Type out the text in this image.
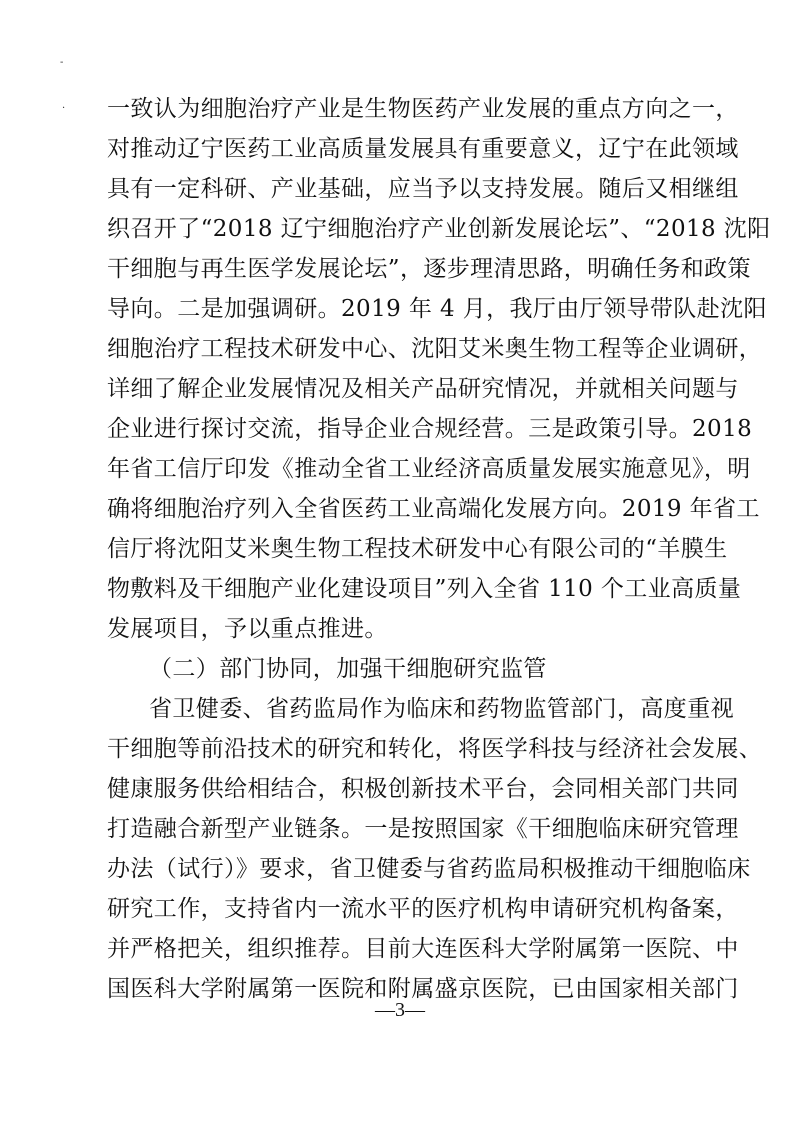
-
· 一致认为细胞治疗产业是生物医药产业发展的重点方向之一，
对推动辽宁医药工业高质量发展具有重要意义，辽宁在此领域
具有一定科研、产业基础，应当予以支持发展。随后又相继组
织召开了“2018 辽宁细胞治疗产业创新发展论坛”、“2018 沈阳
干细胞与再生医学发展论坛”，逐步理清思路，明确任务和政策
导向。二是加强调研。2019 年 4 月，我厅由厅领导带队赴沈阳
细胞治疗工程技术研发中心、沈阳艾米奥生物工程等企业调研，
详细了解企业发展情况及相关产品研究情况，并就相关问题与
企业进行探讨交流，指导企业合规经营。三是政策引导。2018
年省工信厅印发《推动全省工业经济高质量发展实施意见》，明
确将细胞治疗列入全省医药工业高端化发展方向。2019 年省工
信厅将沈阳艾米奥生物工程技术研发中心有限公司的“羊膜生
物敷料及干细胞产业化建设项目”列入全省 110 个工业高质量
发展项目，予以重点推进。
（二）部门协同，加强干细胞研究监管
省卫健委、省药监局作为临床和药物监管部门，高度重视
干细胞等前沿技术的研究和转化，将医学科技与经济社会发展、
健康服务供给相结合，积极创新技术平台，会同相关部门共同
打造融合新型产业链条。一是按照国家《干细胞临床研究管理
办法（试行）》要求，省卫健委与省药监局积极推动干细胞临床
研究工作，支持省内一流水平的医疗机构申请研究机构备案，
并严格把关，组织推荐。目前大连医科大学附属第一医院、中
国医科大学附属第一医院和附属盛京医院，已由国家相关部门
—3—
